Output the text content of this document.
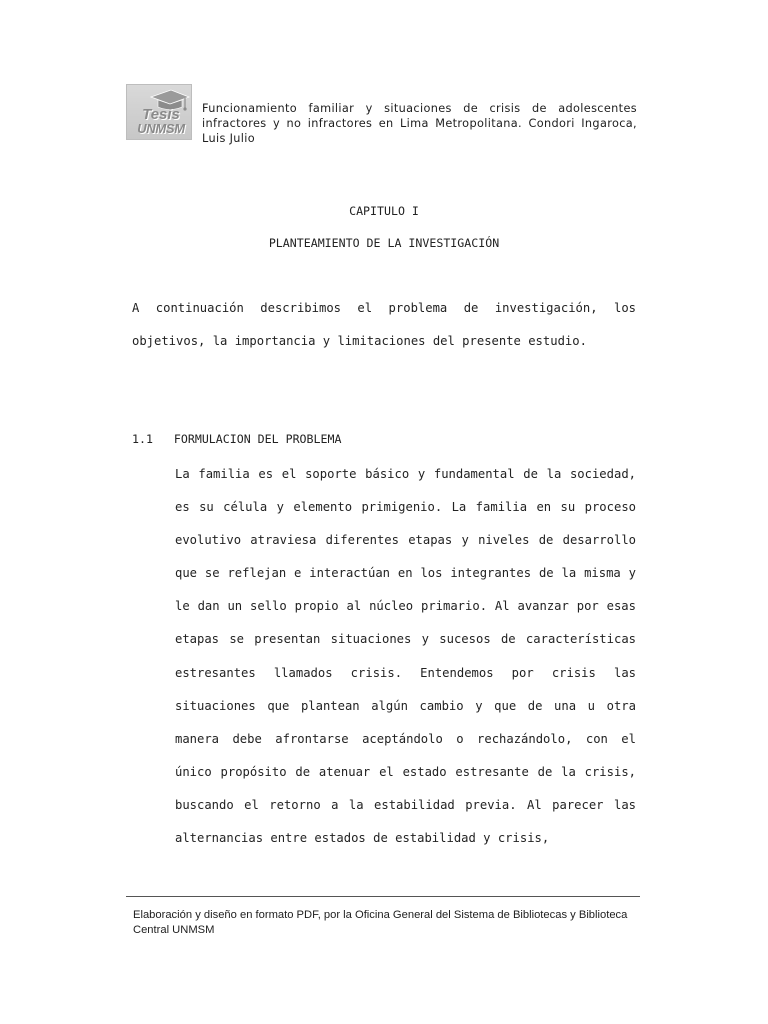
Tesis
UNMSM
Funcionamiento familiar y situaciones de crisis de adolescentes infractores y no infractores en Lima Metropolitana. Condori Ingaroca, Luis Julio
CAPITULO I
PLANTEAMIENTO DE LA INVESTIGACIÓN

A continuación describimos el problema de investigación, los objetivos, la importancia y limitaciones del presente estudio.

1.1 FORMULACION DEL PROBLEMA

La familia es el soporte básico y fundamental de la sociedad, es su célula y elemento primigenio. La familia en su proceso evolutivo atraviesa diferentes etapas y niveles de desarrollo que se reflejan e interactúan en los integrantes de la misma y le dan un sello propio al núcleo primario. Al avanzar por esas etapas se presentan situaciones y sucesos de características estresantes llamados crisis. Entendemos por crisis las situaciones que plantean algún cambio y que de una u otra manera debe afrontarse aceptándolo o rechazándolo, con el único propósito de atenuar el estado estresante de la crisis, buscando el retorno a la estabilidad previa. Al parecer las alternancias entre estados de estabilidad y crisis,

Elaboración y diseño en formato PDF, por la Oficina General del Sistema de Bibliotecas y Biblioteca Central UNMSM
